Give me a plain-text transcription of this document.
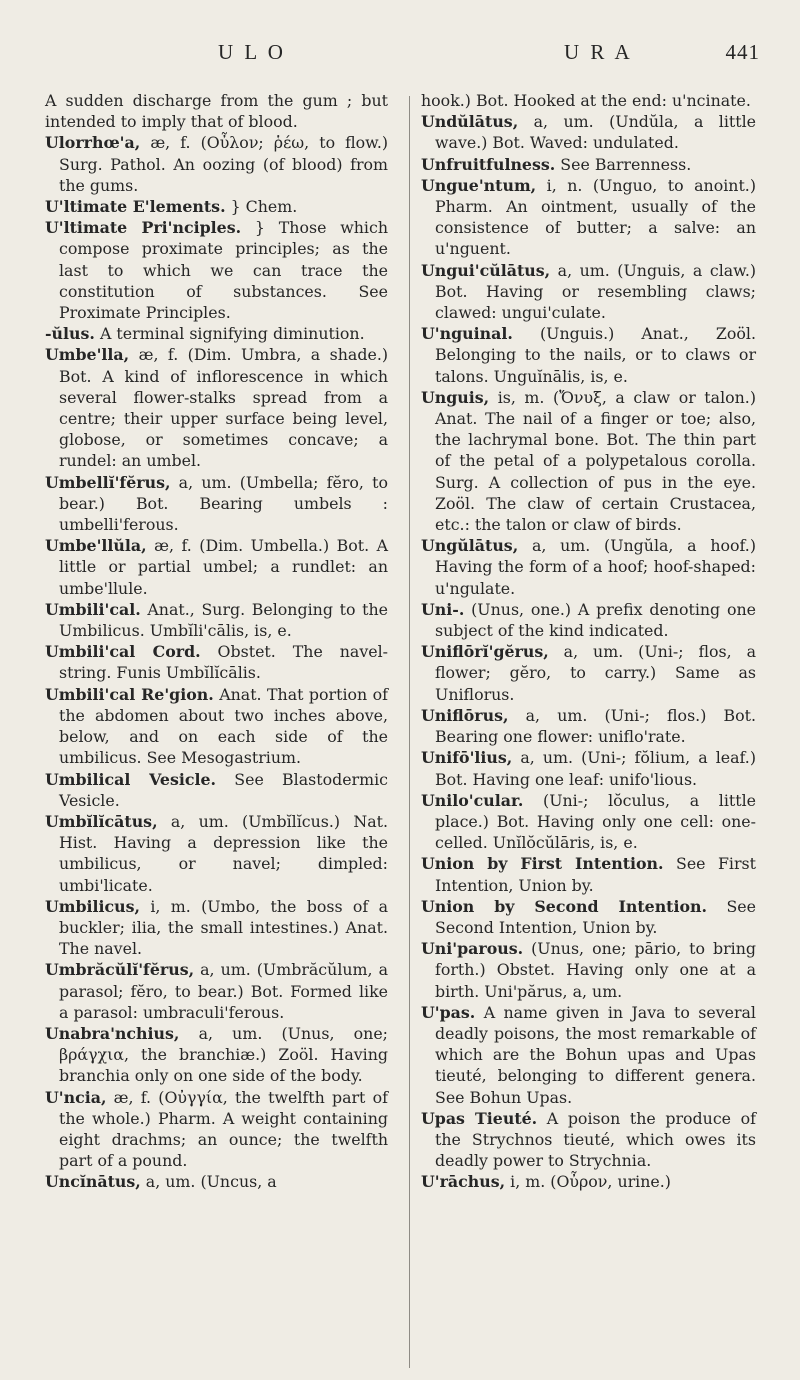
U L O	U R A	441

A sudden discharge from the gum ; but intended to imply that of blood.

Ulorrhœ'a, æ, f. (Οὖλον; ῥέω, to flow.) Surg. Pathol. An oozing (of blood) from the gums.

U'ltimate E'lements. } Chem.

U'ltimate Pri'nciples. } Those which compose proximate principles; as the last to which we can trace the constitution of substances. See Proximate Principles.

-ŭlus. A terminal signifying diminution.

Umbe'lla, æ, f. (Dim. Umbra, a shade.) Bot. A kind of inflorescence in which several flower-stalks spread from a centre; their upper surface being level, globose, or sometimes concave; a rundel: an umbel.

Umbellĭ'fĕrus, a, um. (Umbella; fĕro, to bear.) Bot. Bearing umbels : umbelli'ferous.

Umbe'llŭla, æ, f. (Dim. Umbella.) Bot. A little or partial umbel; a rundlet: an umbe'llule.

Umbili'cal. Anat., Surg. Belonging to the Umbilicus. Umbĭli'cālis, is, e.

Umbili'cal Cord. Obstet. The navel-string. Funis Umbĭlĭcālis.

Umbili'cal Re'gion. Anat. That portion of the abdomen about two inches above, below, and on each side of the umbilicus. See Mesogastrium.

Umbilical Vesicle. See Blastodermic Vesicle.

Umbĭlĭcātus, a, um. (Umbĭlĭcus.) Nat. Hist. Having a depression like the umbilicus, or navel; dimpled: umbi'licate.

Umbilicus, i, m. (Umbo, the boss of a buckler; ilia, the small intestines.) Anat. The navel.

Umbrăcŭlĭ'fĕrus, a, um. (Umbrăcŭlum, a parasol; fĕro, to bear.) Bot. Formed like a parasol: umbraculi'ferous.

Unabra'nchius, a, um. (Unus, one; βράγχια, the branchiæ.) Zoöl. Having branchia only on one side of the body.

U'ncia, æ, f. (Οὐγγία, the twelfth part of the whole.) Pharm. A weight containing eight drachms; an ounce; the twelfth part of a pound.

Uncĭnātus, a, um. (Uncus, a

hook.) Bot. Hooked at the end: u'ncinate.

Undŭlātus, a, um. (Undŭla, a little wave.) Bot. Waved: undulated.

Unfruitfulness. See Barrenness.

Ungue'ntum, i, n. (Unguo, to anoint.) Pharm. An ointment, usually of the consistence of butter; a salve: an u'nguent.

Ungui'cŭlātus, a, um. (Unguis, a claw.) Bot. Having or resembling claws; clawed: ungui'culate.

U'nguinal. (Unguis.) Anat., Zoöl. Belonging to the nails, or to claws or talons. Unguĭnālis, is, e.

Unguis, is, m. (Ὄνυξ, a claw or talon.) Anat. The nail of a finger or toe; also, the lachrymal bone. Bot. The thin part of the petal of a polypetalous corolla. Surg. A collection of pus in the eye. Zoöl. The claw of certain Crustacea, etc.: the talon or claw of birds.

Ungŭlātus, a, um. (Ungŭla, a hoof.) Having the form of a hoof; hoof-shaped: u'ngulate.

Uni-. (Unus, one.) A prefix denoting one subject of the kind indicated.

Uniflōrĭ'gĕrus, a, um. (Uni-; flos, a flower; gĕro, to carry.) Same as Uniflorus.

Uniflōrus, a, um. (Uni-; flos.) Bot. Bearing one flower: uniflo'rate.

Unifō'lius, a, um. (Uni-; fŏlium, a leaf.) Bot. Having one leaf: unifo'lious.

Unilo'cular. (Uni-; lŏculus, a little place.) Bot. Having only one cell: one-celled. Unĭlŏcŭlāris, is, e.

Union by First Intention. See First Intention, Union by.

Union by Second Intention. See Second Intention, Union by.

Uni'parous. (Unus, one; pārio, to bring forth.) Obstet. Having only one at a birth. Uni'părus, a, um.

U'pas. A name given in Java to several deadly poisons, the most remarkable of which are the Bohun upas and Upas tieuté, belonging to different genera. See Bohun Upas.

Upas Tieuté. A poison the produce of the Strychnos tieuté, which owes its deadly power to Strychnia.

U'rāchus, i, m. (Οὖρον, urine.)
